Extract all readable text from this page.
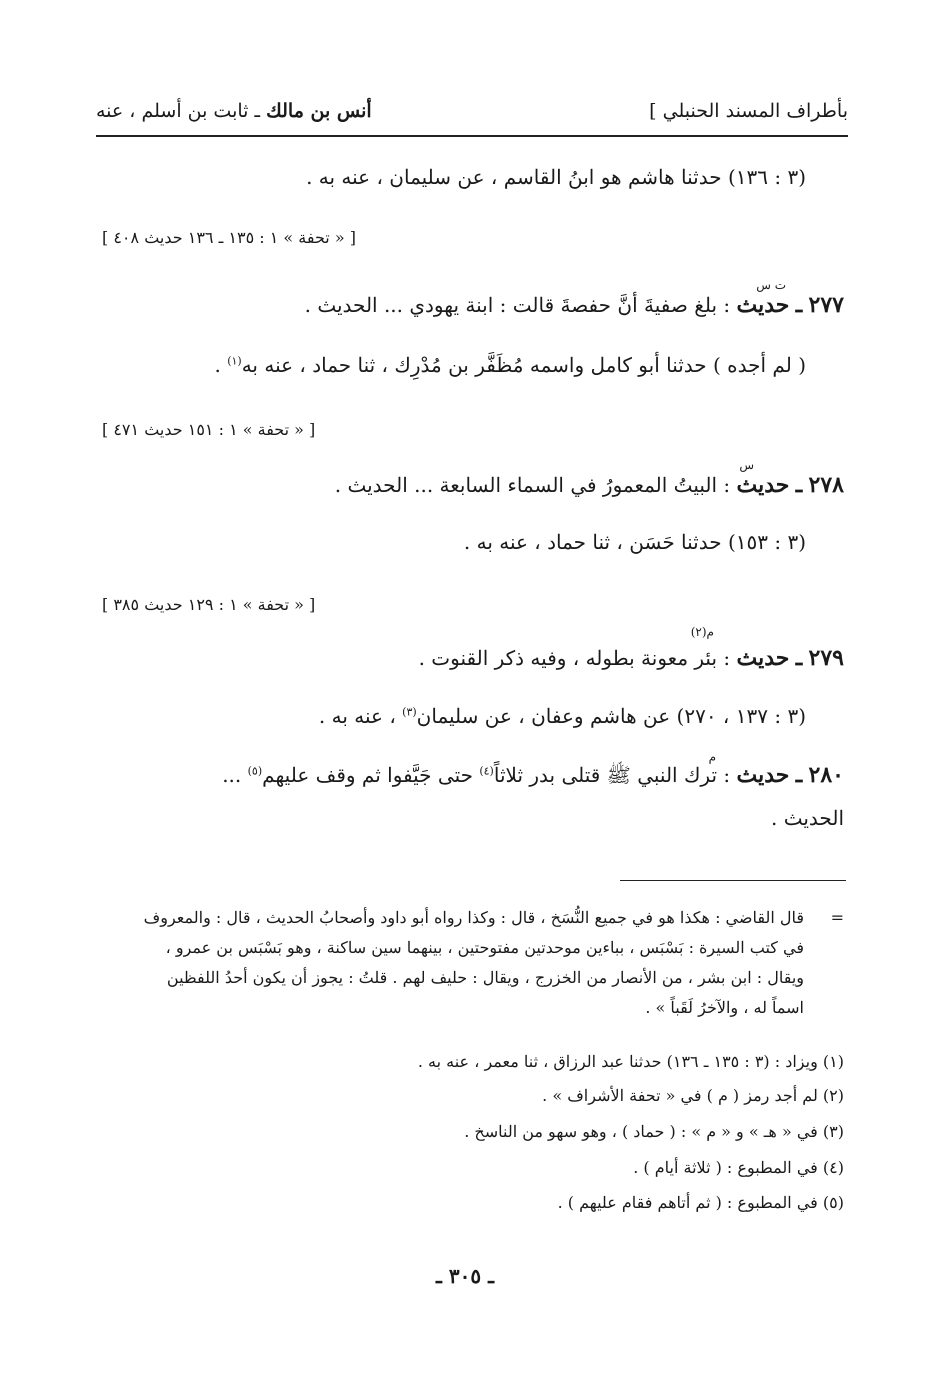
بأطراف المسند الحنبلي ]
أنس بن مالك ـ ثابت بن أسلم ، عنه
(٣ : ١٣٦) حدثنا هاشم هو ابنُ القاسم ، عن سليمان ، عنه به .
[ « تحفة » ١ : ١٣٥ ـ ١٣٦ حديث ٤٠٨ ]
٢٧٧ ـ حديث
ت س
: بلغ صفيةَ أنَّ حفصةَ قالت : ابنة يهودي ... الحديث .
( لم أجده ) حدثنا أبو كامل واسمه مُظَفَّر بن مُدْرِك ، ثنا حماد ، عنه به$^{(١)}$ .
[ « تحفة » ١ : ١٥١ حديث ٤٧١ ]
٢٧٨ ـ حديث
س
: البيتُ المعمورُ في السماء السابعة ... الحديث .
(٣ : ١٥٣) حدثنا حَسَن ، ثنا حماد ، عنه به .
[ « تحفة » ١ : ١٢٩ حديث ٣٨٥ ]
٢٧٩ ـ حديث
م(٢)
: بئر معونة بطوله ، وفيه ذكر القنوت .
(٣ : ١٣٧ ، ٢٧٠) عن هاشم وعفان ، عن سليمان$^{(٣)}$ ، عنه به .
٢٨٠ ـ حديث
م
: ترك النبي ﷺ قتلى بدر ثلاثاً$^{(٤)}$ حتى جَيَّفوا ثم وقف عليهم$^{(٥)}$ ...
الحديث .
=
قال القاضي : هكذا هو في جميع النُّسَخ ، قال : وكذا رواه أبو داود وأصحابُ الحديث ، قال : والمعروف
في كتب السيرة : بَسْبَس ، بباءين موحدتين مفتوحتين ، بينهما سين ساكنة ، وهو بَسْبَس بن عمرو ،
ويقال : ابن بشر ، من الأنصار من الخزرج ، ويقال : حليف لهم . قلتُ : يجوز أن يكون أحدُ اللفظين
اسماً له ، والآخرُ لَقَباً » .
(١) ويزاد : (٣ : ١٣٥ ـ ١٣٦) حدثنا عبد الرزاق ، ثنا معمر ، عنه به .
(٢) لم أجد رمز ( م ) في « تحفة الأشراف » .
(٣) في « هـ » و « م » : ( حماد ) ، وهو سهو من الناسخ .
(٤) في المطبوع : ( ثلاثة أيام ) .
(٥) في المطبوع : ( ثم أتاهم فقام عليهم ) .
ـ ٣٠٥ ـ
